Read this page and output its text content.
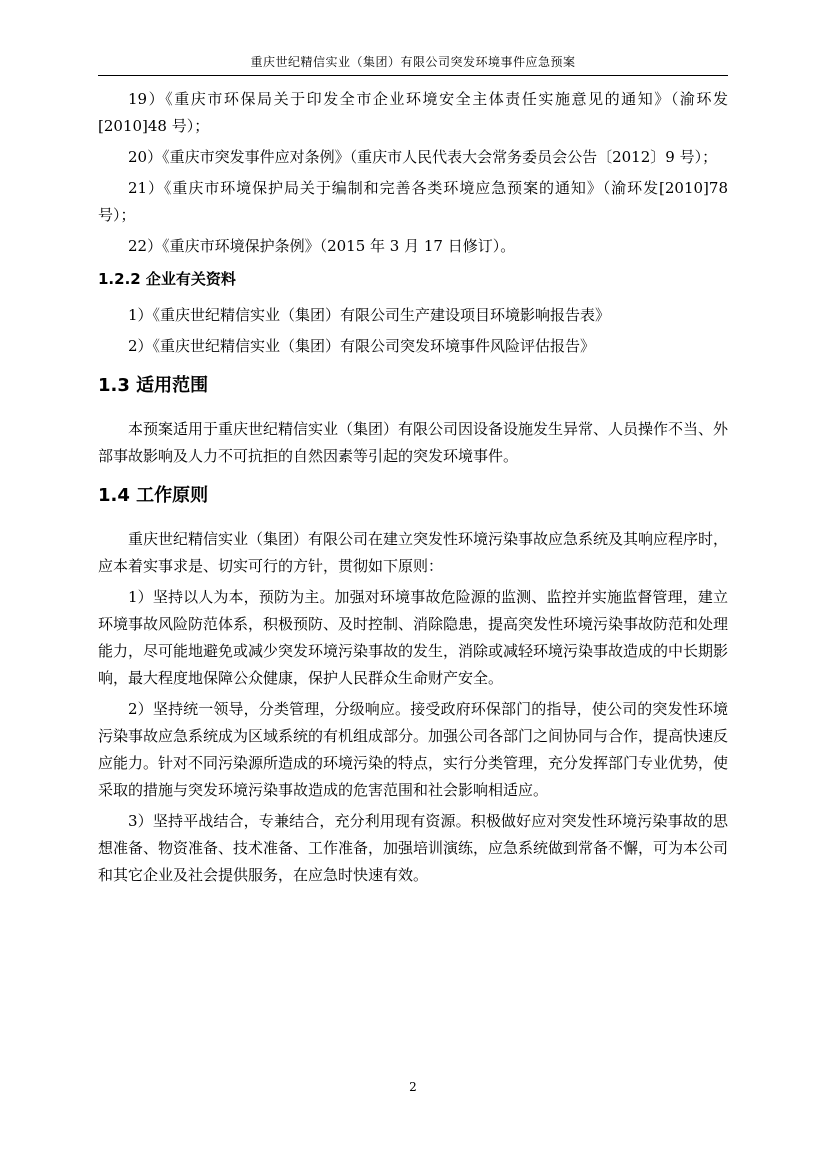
重庆世纪精信实业（集团）有限公司突发环境事件应急预案

19）《重庆市环保局关于印发全市企业环境安全主体责任实施意见的通知》（渝环发[2010]48 号）；

20）《重庆市突发事件应对条例》（重庆市人民代表大会常务委员会公告〔2012〕9 号）；

21）《重庆市环境保护局关于编制和完善各类环境应急预案的通知》（渝环发[2010]78 号）；

22）《重庆市环境保护条例》（2015 年 3 月 17 日修订）。

1.2.2 企业有关资料

1）《重庆世纪精信实业（集团）有限公司生产建设项目环境影响报告表》

2）《重庆世纪精信实业（集团）有限公司突发环境事件风险评估报告》

1.3 适用范围

本预案适用于重庆世纪精信实业（集团）有限公司因设备设施发生异常、人员操作不当、外部事故影响及人力不可抗拒的自然因素等引起的突发环境事件。

1.4 工作原则

重庆世纪精信实业（集团）有限公司在建立突发性环境污染事故应急系统及其响应程序时，应本着实事求是、切实可行的方针，贯彻如下原则：

1）坚持以人为本，预防为主。加强对环境事故危险源的监测、监控并实施监督管理，建立环境事故风险防范体系，积极预防、及时控制、消除隐患，提高突发性环境污染事故防范和处理能力，尽可能地避免或减少突发环境污染事故的发生，消除或减轻环境污染事故造成的中长期影响，最大程度地保障公众健康，保护人民群众生命财产安全。

2）坚持统一领导，分类管理，分级响应。接受政府环保部门的指导，使公司的突发性环境污染事故应急系统成为区域系统的有机组成部分。加强公司各部门之间协同与合作，提高快速反应能力。针对不同污染源所造成的环境污染的特点，实行分类管理，充分发挥部门专业优势，使采取的措施与突发环境污染事故造成的危害范围和社会影响相适应。

3）坚持平战结合，专兼结合，充分利用现有资源。积极做好应对突发性环境污染事故的思想准备、物资准备、技术准备、工作准备，加强培训演练，应急系统做到常备不懈，可为本公司和其它企业及社会提供服务，在应急时快速有效。

2
